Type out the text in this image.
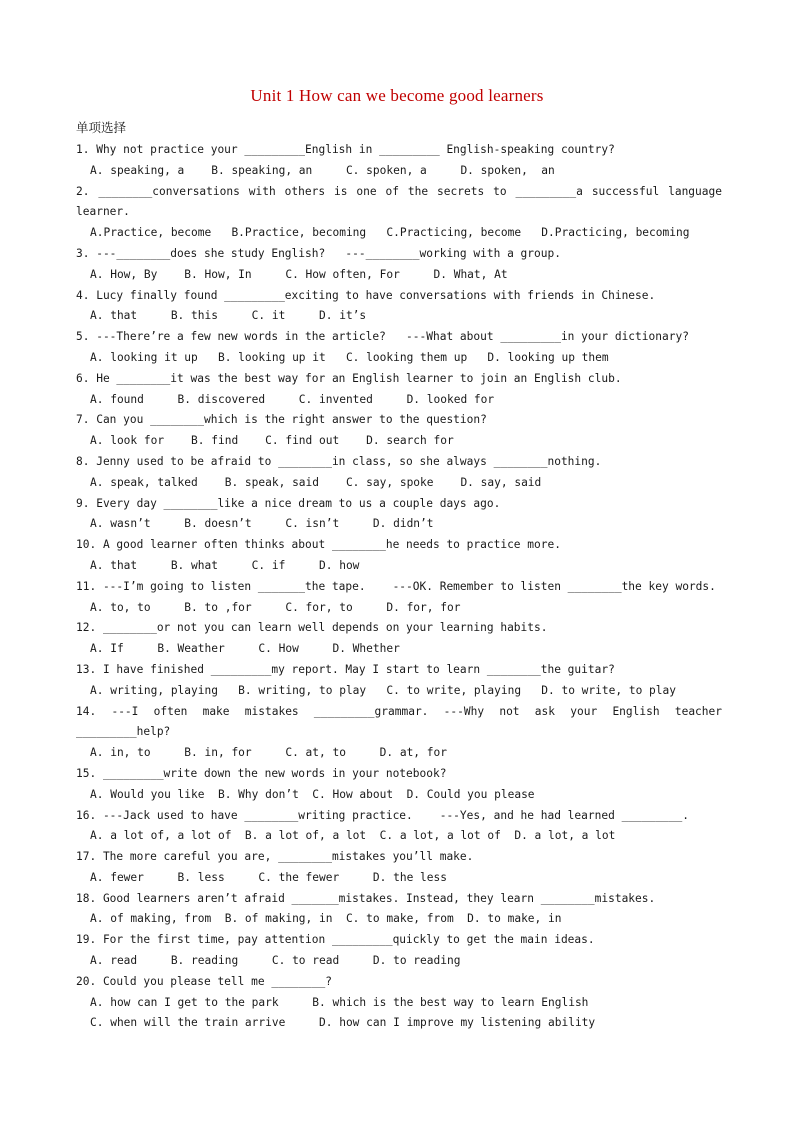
Unit 1 How can we become good learners
单项选择
1. Why not practice your _________English in _________ English-speaking country?
A. speaking, a    B. speaking, an     C. spoken, a     D. spoken,  an
2. ________conversations with others is one of the secrets to _________a successful language
learner.
A.Practice, become   B.Practice, becoming   C.Practicing, become   D.Practicing, becoming
3. ---________does she study English?   ---________working with a group.
A. How, By    B. How, In     C. How often, For     D. What, At
4. Lucy finally found _________exciting to have conversations with friends in Chinese.
A. that     B. this     C. it     D. it’s
5. ---There’re a few new words in the article?   ---What about _________in your dictionary?
A. looking it up   B. looking up it   C. looking them up   D. looking up them
6. He ________it was the best way for an English learner to join an English club.
A. found     B. discovered     C. invented     D. looked for
7. Can you ________which is the right answer to the question?
A. look for    B. find    C. find out    D. search for
8. Jenny used to be afraid to ________in class, so she always ________nothing.
A. speak, talked    B. speak, said    C. say, spoke    D. say, said
9. Every day ________like a nice dream to us a couple days ago.
A. wasn’t     B. doesn’t     C. isn’t     D. didn’t
10. A good learner often thinks about ________he needs to practice more.
A. that     B. what     C. if     D. how
11. ---I’m going to listen _______the tape.    ---OK. Remember to listen ________the key words.
A. to, to     B. to ,for     C. for, to     D. for, for
12. ________or not you can learn well depends on your learning habits.
A. If     B. Weather     C. How     D. Whether
13. I have finished _________my report. May I start to learn ________the guitar?
A. writing, playing   B. writing, to play   C. to write, playing   D. to write, to play
14. ---I often make mistakes _________grammar. ---Why not ask your English teacher
_________help?
A. in, to     B. in, for     C. at, to     D. at, for
15. _________write down the new words in your notebook?
A. Would you like  B. Why don’t  C. How about  D. Could you please
16. ---Jack used to have ________writing practice.    ---Yes, and he had learned _________.
A. a lot of, a lot of  B. a lot of, a lot  C. a lot, a lot of  D. a lot, a lot
17. The more careful you are, ________mistakes you’ll make.
A. fewer     B. less     C. the fewer     D. the less
18. Good learners aren’t afraid _______mistakes. Instead, they learn ________mistakes.
A. of making, from  B. of making, in  C. to make, from  D. to make, in
19. For the first time, pay attention _________quickly to get the main ideas.
A. read     B. reading     C. to read     D. to reading
20. Could you please tell me ________?
A. how can I get to the park     B. which is the best way to learn English
C. when will the train arrive     D. how can I improve my listening ability
